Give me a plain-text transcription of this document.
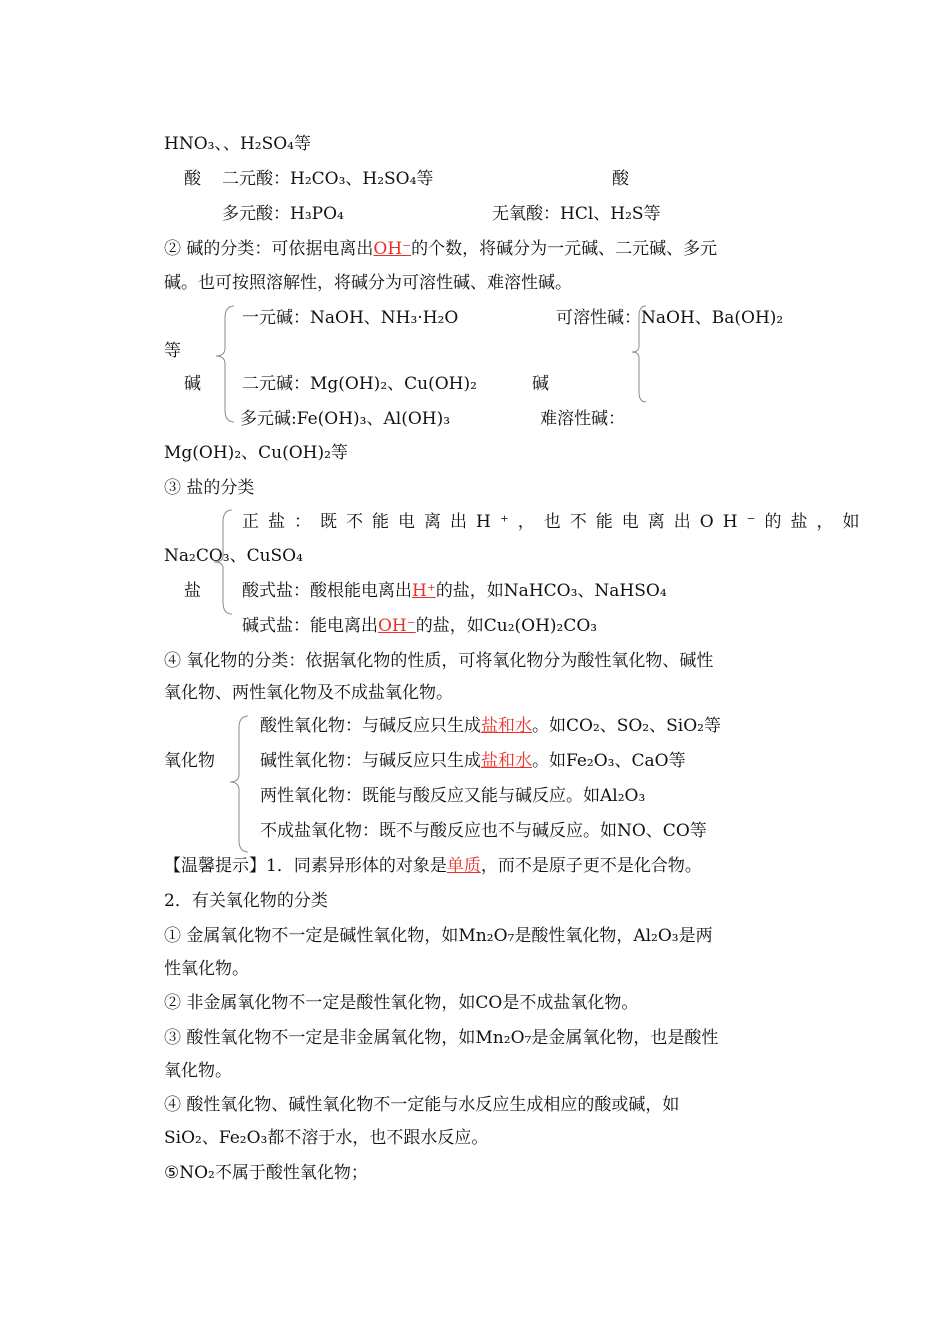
HNO₃、、H₂SO₄等
酸 二元酸：H₂CO₃、H₂SO₄等	酸
多元酸：H₃PO₄	无氧酸：HCl、H₂S等
② 碱的分类：可依据电离出OH⁻的个数，将碱分为一元碱、二元碱、多元
碱。也可按照溶解性，将碱分为可溶性碱、难溶性碱。
一元碱：NaOH、NH₃·H₂O	可溶性碱：NaOH、Ba(OH)₂
等
碱 二元碱：Mg(OH)₂、Cu(OH)₂	碱
多元碱:Fe(OH)₃、Al(OH)₃	难溶性碱：
Mg(OH)₂、Cu(OH)₂等
③ 盐的分类
正盐：既不能电离出H⁺，也不能电离出OH⁻的盐，如
Na₂CO₃、CuSO₄
盐 酸式盐：酸根能电离出H⁺的盐，如NaHCO₃、NaHSO₄
碱式盐：能电离出OH⁻的盐，如Cu₂(OH)₂CO₃
④ 氧化物的分类：依据氧化物的性质，可将氧化物分为酸性氧化物、碱性
氧化物、两性氧化物及不成盐氧化物。
酸性氧化物：与碱反应只生成盐和水。如CO₂、SO₂、SiO₂等
氧化物	碱性氧化物：与碱反应只生成盐和水。如Fe₂O₃、CaO等
两性氧化物：既能与酸反应又能与碱反应。如Al₂O₃
不成盐氧化物：既不与酸反应也不与碱反应。如NO、CO等
【温馨提示】1．同素异形体的对象是单质，而不是原子更不是化合物。
2．有关氧化物的分类
① 金属氧化物不一定是碱性氧化物，如Mn₂O₇是酸性氧化物，Al₂O₃是两
性氧化物。
② 非金属氧化物不一定是酸性氧化物，如CO是不成盐氧化物。
③ 酸性氧化物不一定是非金属氧化物，如Mn₂O₇是金属氧化物，也是酸性
氧化物。
④ 酸性氧化物、碱性氧化物不一定能与水反应生成相应的酸或碱，如
SiO₂、Fe₂O₃都不溶于水，也不跟水反应。
⑤NO₂不属于酸性氧化物；
